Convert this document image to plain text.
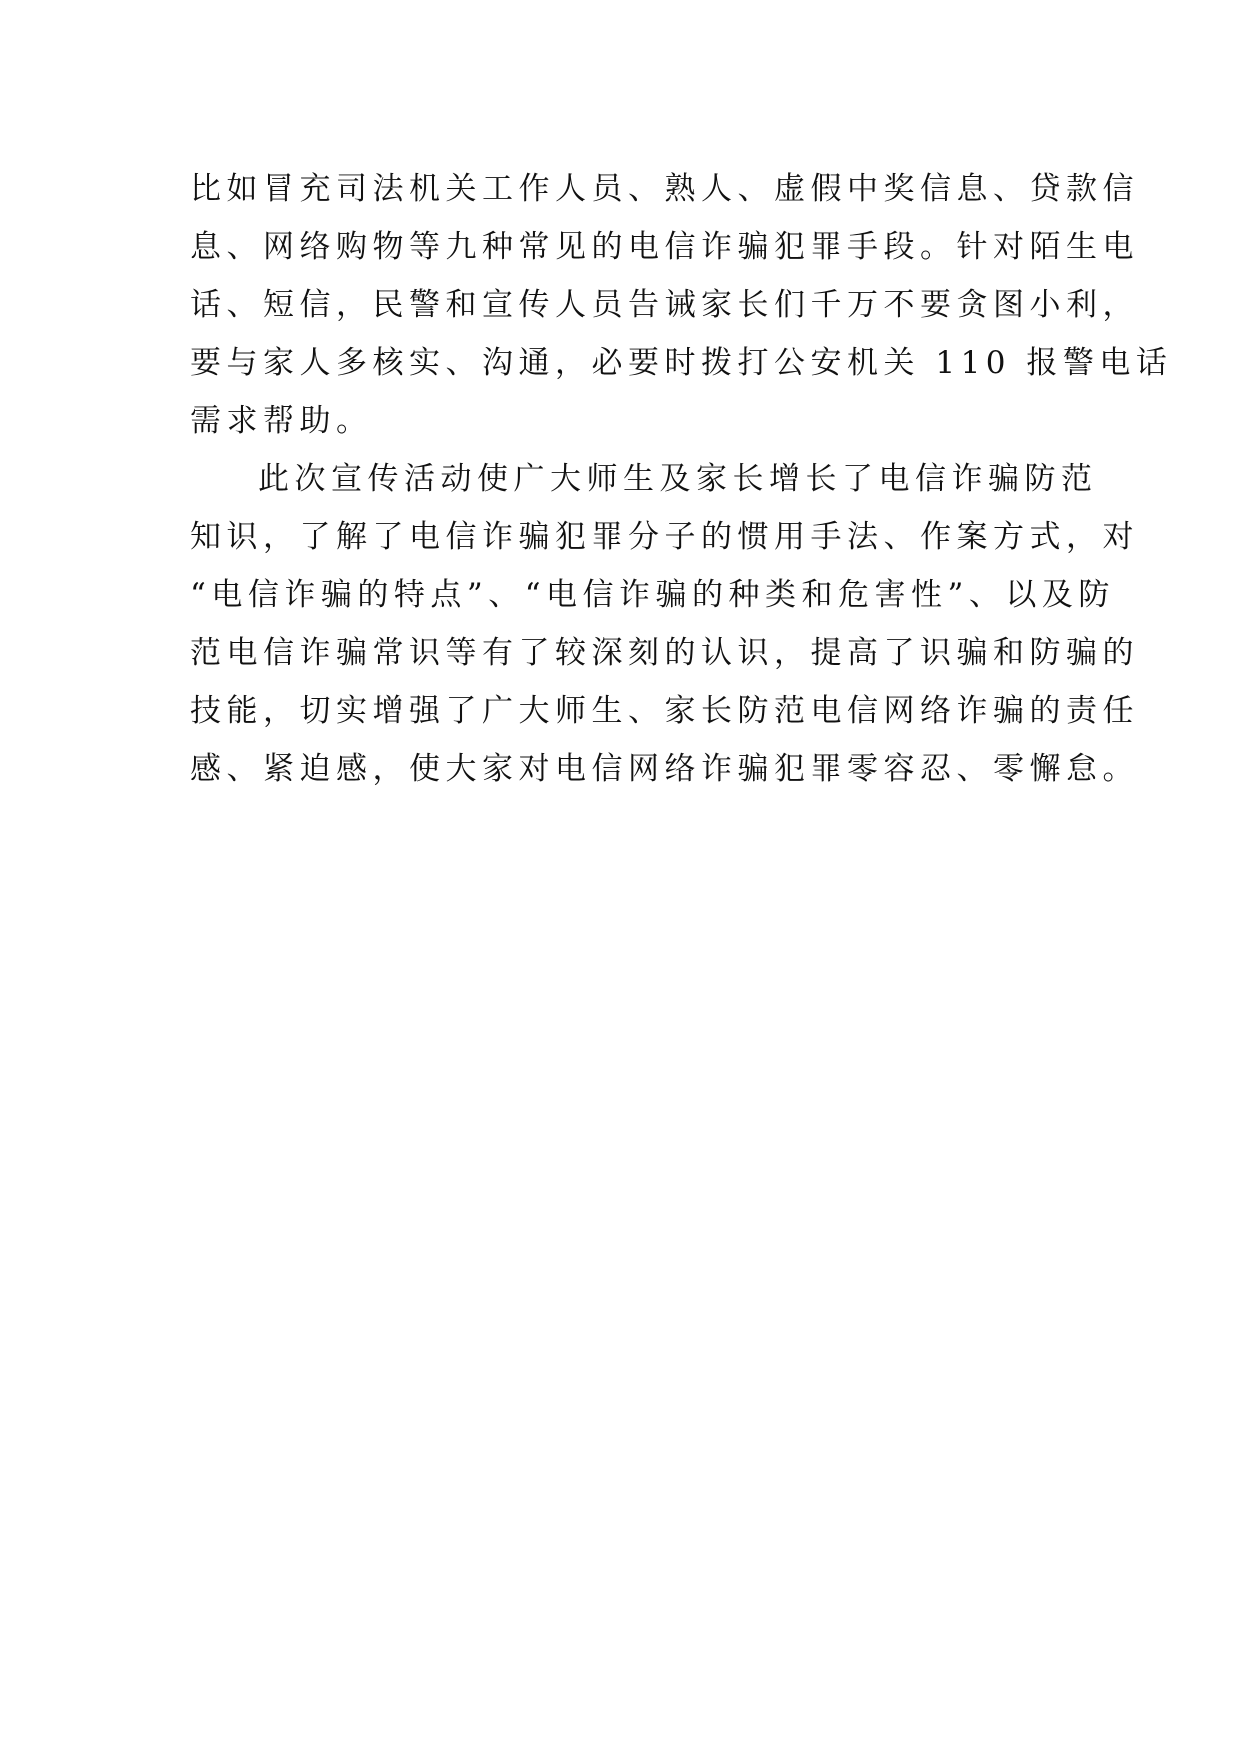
比如冒充司法机关工作人员、熟人、虚假中奖信息、贷款信
息、网络购物等九种常见的电信诈骗犯罪手段。针对陌生电
话、短信，民警和宣传人员告诫家长们千万不要贪图小利，
要与家人多核实、沟通，必要时拨打公安机关 110 报警电话
需求帮助。
此次宣传活动使广大师生及家长增长了电信诈骗防范
知识，了解了电信诈骗犯罪分子的惯用手法、作案方式，对
“电信诈骗的特点”、“电信诈骗的种类和危害性”、以及防
范电信诈骗常识等有了较深刻的认识，提高了识骗和防骗的
技能，切实增强了广大师生、家长防范电信网络诈骗的责任
感、紧迫感，使大家对电信网络诈骗犯罪零容忍、零懈怠。
